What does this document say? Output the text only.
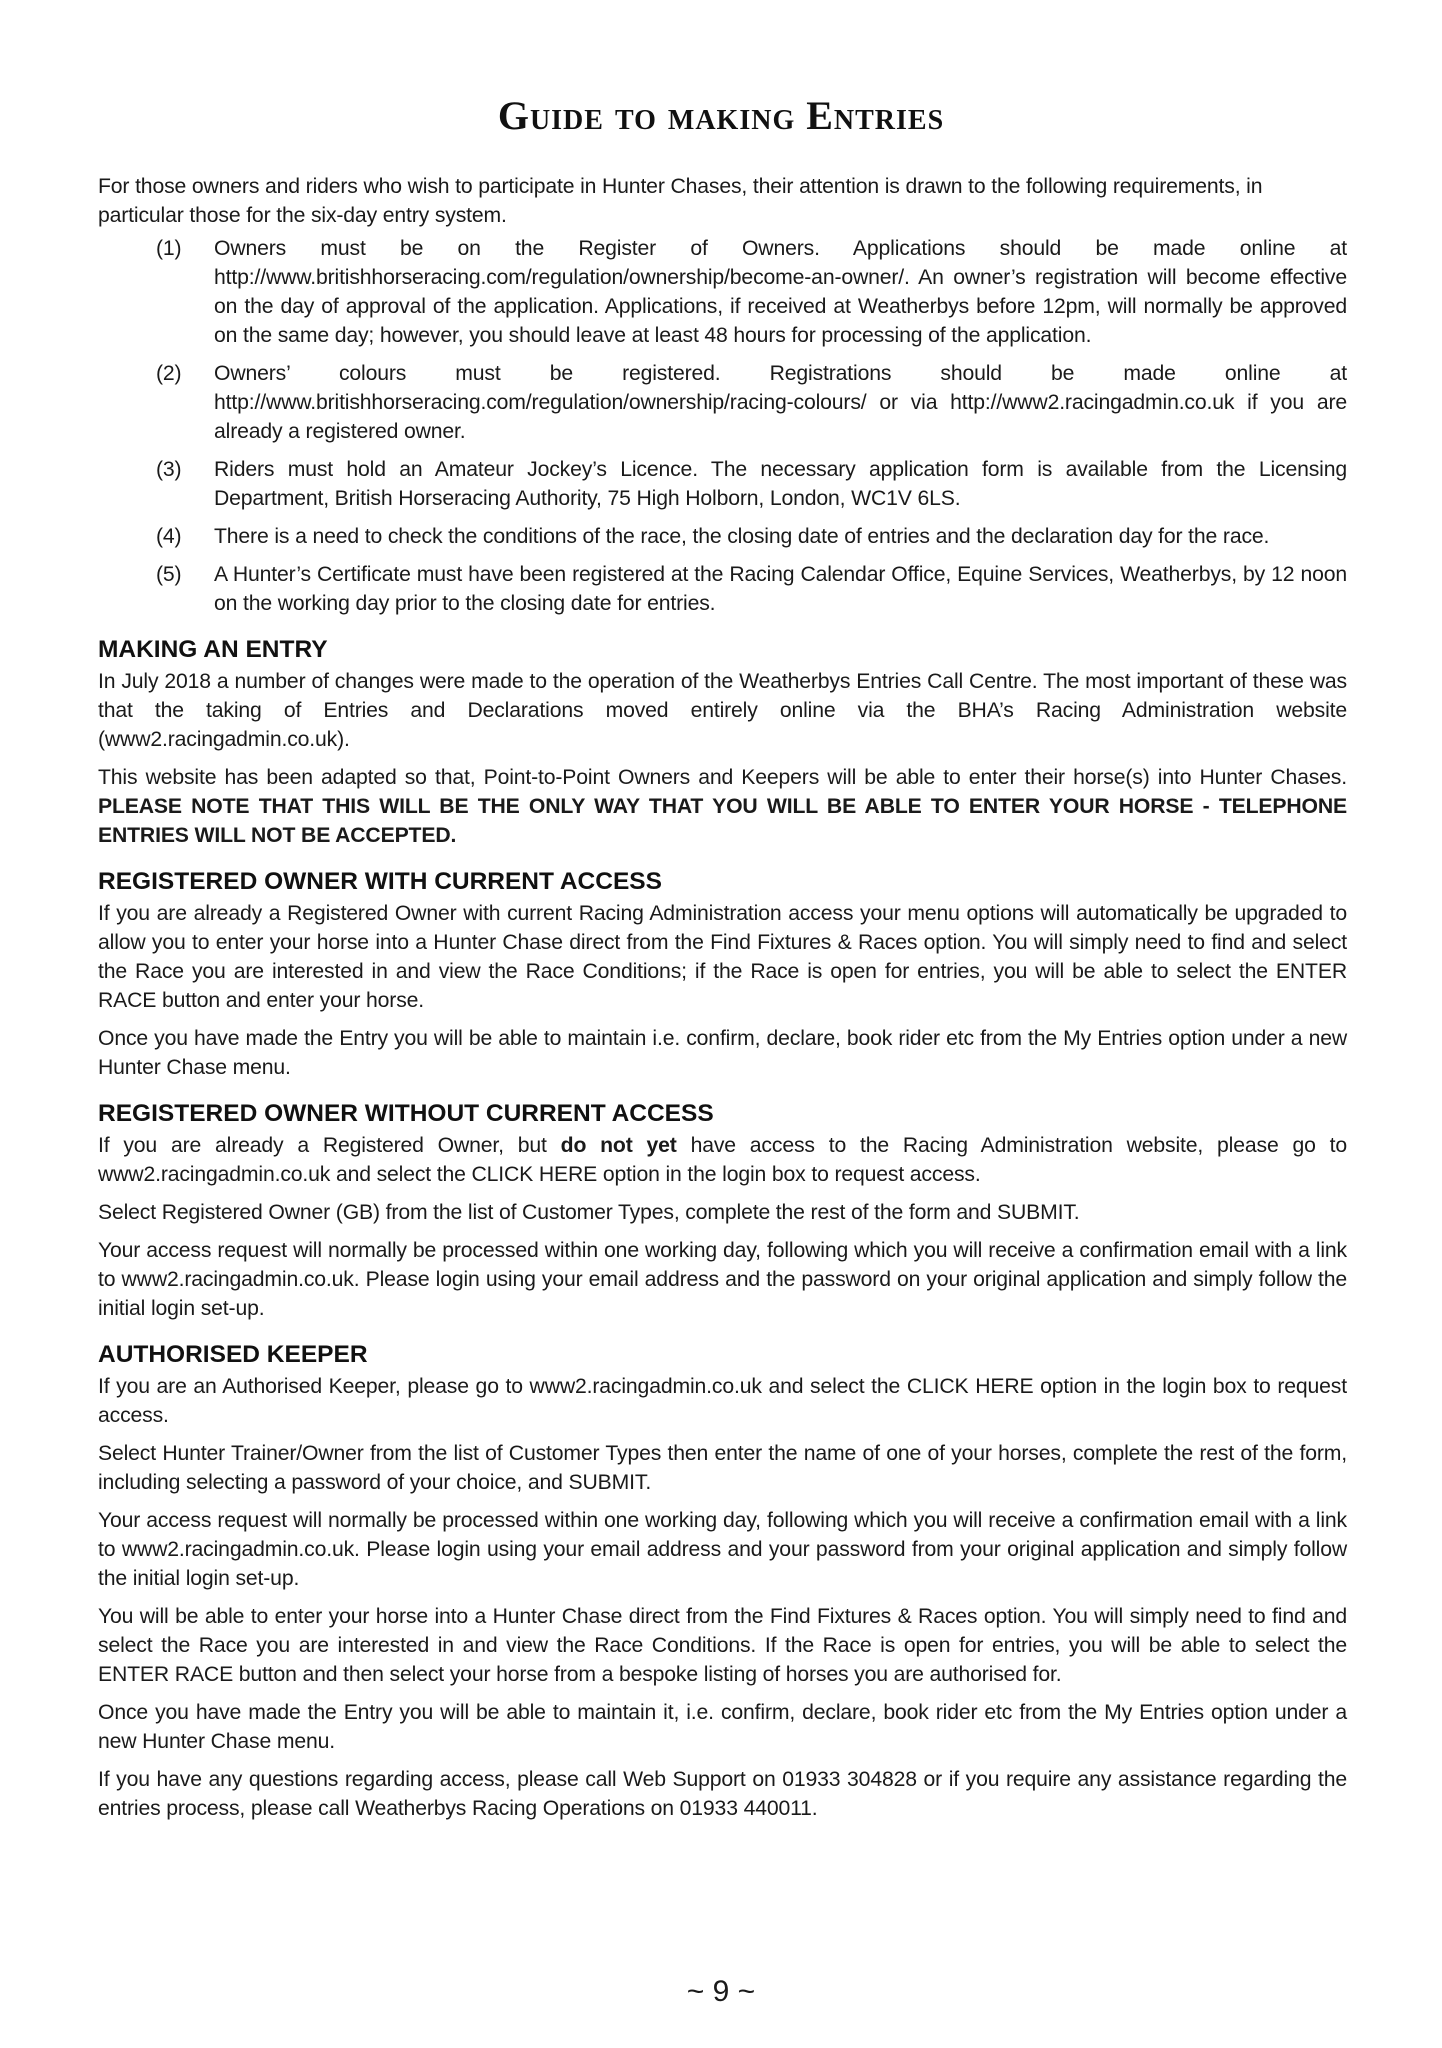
Guide to making Entries

For those owners and riders who wish to participate in Hunter Chases, their attention is drawn to the following requirements, in particular those for the six-day entry system.

(1) Owners must be on the Register of Owners. Applications should be made online at http://www.britishhorseracing.com/regulation/ownership/become-an-owner/. An owner’s registration will become effective on the day of approval of the application. Applications, if received at Weatherbys before 12pm, will normally be approved on the same day; however, you should leave at least 48 hours for processing of the application.
(2) Owners’ colours must be registered. Registrations should be made online at http://www.britishhorseracing.com/regulation/ownership/racing-colours/ or via http://www2.racingadmin.co.uk if you are already a registered owner.
(3) Riders must hold an Amateur Jockey’s Licence. The necessary application form is available from the Licensing Department, British Horseracing Authority, 75 High Holborn, London, WC1V 6LS.
(4) There is a need to check the conditions of the race, the closing date of entries and the declaration day for the race.
(5) A Hunter’s Certificate must have been registered at the Racing Calendar Office, Equine Services, Weatherbys, by 12 noon on the working day prior to the closing date for entries.
MAKING AN ENTRY

In July 2018 a number of changes were made to the operation of the Weatherbys Entries Call Centre. The most important of these was that the taking of Entries and Declarations moved entirely online via the BHA’s Racing Administration website (www2.racingadmin.co.uk).

This website has been adapted so that, Point-to-Point Owners and Keepers will be able to enter their horse(s) into Hunter Chases. PLEASE NOTE THAT THIS WILL BE THE ONLY WAY THAT YOU WILL BE ABLE TO ENTER YOUR HORSE - TELEPHONE ENTRIES WILL NOT BE ACCEPTED.

REGISTERED OWNER WITH CURRENT ACCESS

If you are already a Registered Owner with current Racing Administration access your menu options will automatically be upgraded to allow you to enter your horse into a Hunter Chase direct from the Find Fixtures & Races option. You will simply need to find and select the Race you are interested in and view the Race Conditions; if the Race is open for entries, you will be able to select the ENTER RACE button and enter your horse.

Once you have made the Entry you will be able to maintain i.e. confirm, declare, book rider etc from the My Entries option under a new Hunter Chase menu.

REGISTERED OWNER WITHOUT CURRENT ACCESS

If you are already a Registered Owner, but do not yet have access to the Racing Administration website, please go to www2.racingadmin.co.uk and select the CLICK HERE option in the login box to request access.

Select Registered Owner (GB) from the list of Customer Types, complete the rest of the form and SUBMIT.

Your access request will normally be processed within one working day, following which you will receive a confirmation email with a link to www2.racingadmin.co.uk. Please login using your email address and the password on your original application and simply follow the initial login set-up.

AUTHORISED KEEPER

If you are an Authorised Keeper, please go to www2.racingadmin.co.uk and select the CLICK HERE option in the login box to request access.

Select Hunter Trainer/Owner from the list of Customer Types then enter the name of one of your horses, complete the rest of the form, including selecting a password of your choice, and SUBMIT.

Your access request will normally be processed within one working day, following which you will receive a confirmation email with a link to www2.racingadmin.co.uk. Please login using your email address and your password from your original application and simply follow the initial login set-up.

You will be able to enter your horse into a Hunter Chase direct from the Find Fixtures & Races option. You will simply need to find and select the Race you are interested in and view the Race Conditions. If the Race is open for entries, you will be able to select the ENTER RACE button and then select your horse from a bespoke listing of horses you are authorised for.

Once you have made the Entry you will be able to maintain it, i.e. confirm, declare, book rider etc from the My Entries option under a new Hunter Chase menu.

If you have any questions regarding access, please call Web Support on 01933 304828 or if you require any assistance regarding the entries process, please call Weatherbys Racing Operations on 01933 440011.

~ 9 ~
